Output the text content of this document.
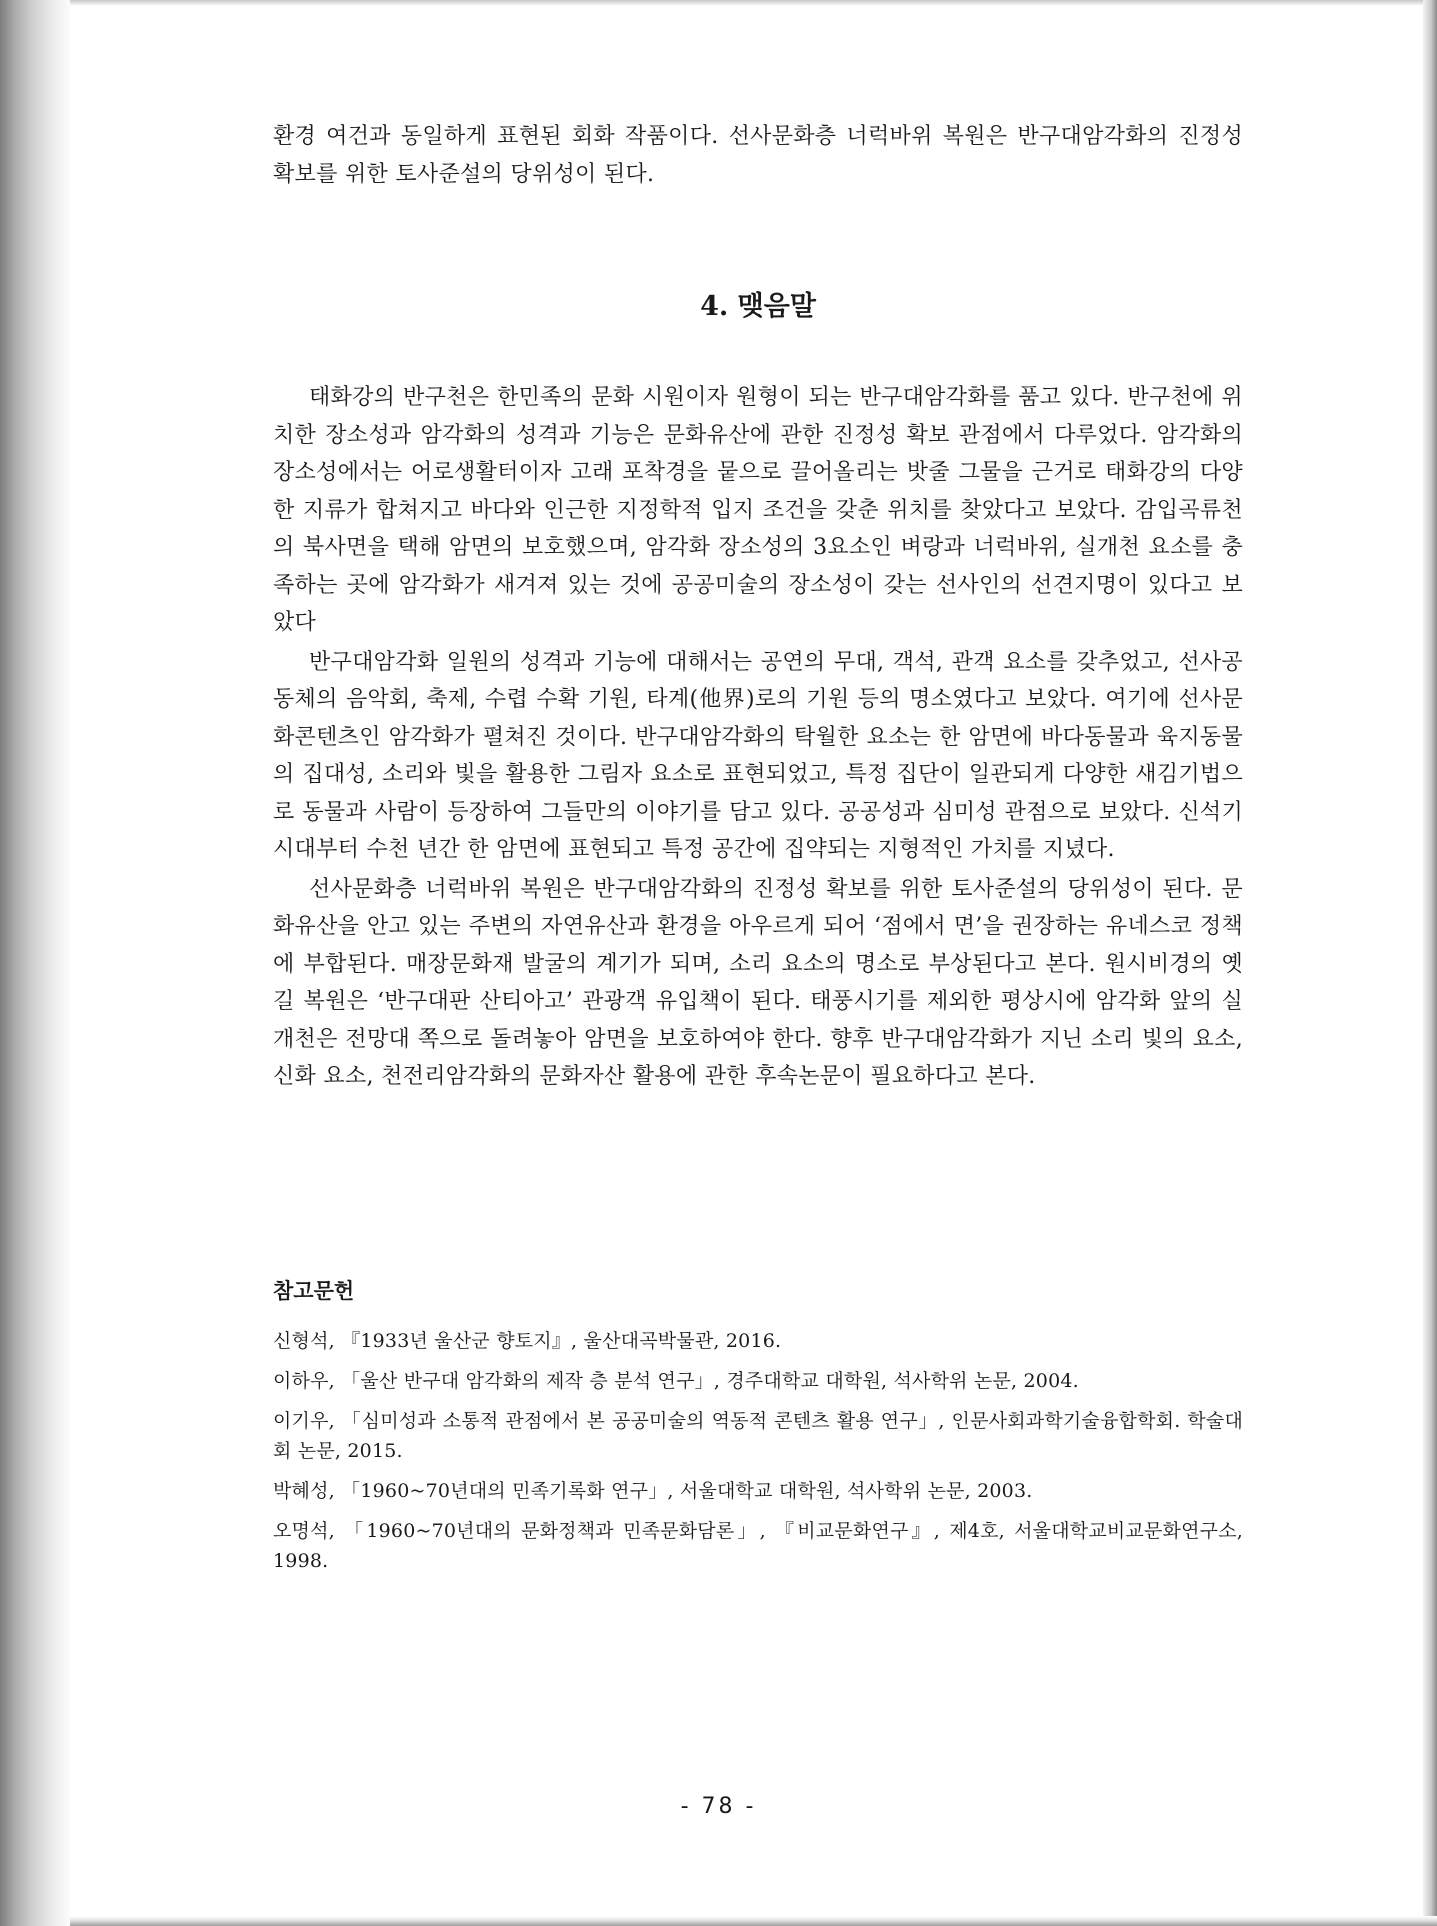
환경 여건과 동일하게 표현된 회화 작품이다. 선사문화층 너럭바위 복원은 반구대암각화의 진정성 확보를 위한 토사준설의 당위성이 된다.

4. 맺음말

태화강의 반구천은 한민족의 문화 시원이자 원형이 되는 반구대암각화를 품고 있다. 반구천에 위치한 장소성과 암각화의 성격과 기능은 문화유산에 관한 진정성 확보 관점에서 다루었다. 암각화의 장소성에서는 어로생활터이자 고래 포착경을 뭍으로 끌어올리는 밧줄 그물을 근거로 태화강의 다양한 지류가 합쳐지고 바다와 인근한 지정학적 입지 조건을 갖춘 위치를 찾았다고 보았다. 감입곡류천의 북사면을 택해 암면의 보호했으며, 암각화 장소성의 3요소인 벼랑과 너럭바위, 실개천 요소를 충족하는 곳에 암각화가 새겨져 있는 것에 공공미술의 장소성이 갖는 선사인의 선견지명이 있다고 보았다

반구대암각화 일원의 성격과 기능에 대해서는 공연의 무대, 객석, 관객 요소를 갖추었고, 선사공동체의 음악회, 축제, 수렵 수확 기원, 타계(他界)로의 기원 등의 명소였다고 보았다. 여기에 선사문화콘텐츠인 암각화가 펼쳐진 것이다. 반구대암각화의 탁월한 요소는 한 암면에 바다동물과 육지동물의 집대성, 소리와 빛을 활용한 그림자 요소로 표현되었고, 특정 집단이 일관되게 다양한 새김기법으로 동물과 사람이 등장하여 그들만의 이야기를 담고 있다. 공공성과 심미성 관점으로 보았다. 신석기 시대부터 수천 년간 한 암면에 표현되고 특정 공간에 집약되는 지형적인 가치를 지녔다.

선사문화층 너럭바위 복원은 반구대암각화의 진정성 확보를 위한 토사준설의 당위성이 된다. 문화유산을 안고 있는 주변의 자연유산과 환경을 아우르게 되어 ‘점에서 면’을 권장하는 유네스코 정책에 부합된다. 매장문화재 발굴의 계기가 되며, 소리 요소의 명소로 부상된다고 본다. 원시비경의 옛길 복원은 ‘반구대판 산티아고’ 관광객 유입책이 된다. 태풍시기를 제외한 평상시에 암각화 앞의 실개천은 전망대 쪽으로 돌려놓아 암면을 보호하여야 한다. 향후 반구대암각화가 지닌 소리 빛의 요소, 신화 요소, 천전리암각화의 문화자산 활용에 관한 후속논문이 필요하다고 본다.

참고문헌

신형석, 『1933년 울산군 향토지』, 울산대곡박물관, 2016.

이하우, 「울산 반구대 암각화의 제작 층 분석 연구」, 경주대학교 대학원, 석사학위 논문, 2004.

이기우, 「심미성과 소통적 관점에서 본 공공미술의 역동적 콘텐츠 활용 연구」, 인문사회과학기술융합학회. 학술대회 논문, 2015.

박혜성, 「1960~70년대의 민족기록화 연구」, 서울대학교 대학원, 석사학위 논문, 2003.

오명석, 「1960~70년대의 문화정책과 민족문화담론」, 『비교문화연구』, 제4호, 서울대학교비교문화연구소, 1998.

- 78 -
